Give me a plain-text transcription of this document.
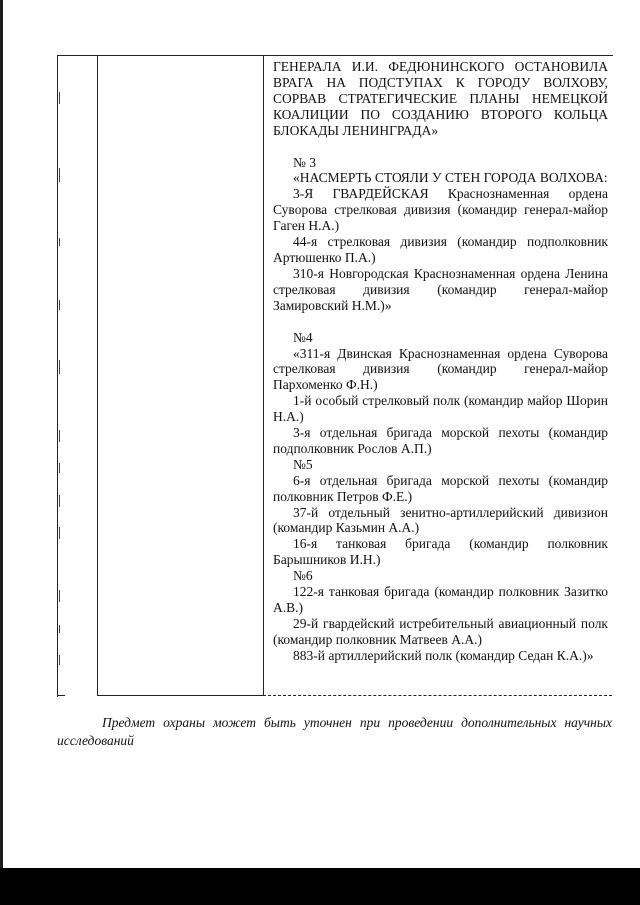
ГЕНЕРАЛА И.И. ФЕДЮНИНСКОГО ОСТАНОВИЛА ВРАГА НА ПОДСТУПАХ К ГОРОДУ ВОЛХОВУ, СОРВАВ СТРАТЕГИЧЕСКИЕ ПЛАНЫ НЕМЕЦКОЙ КОАЛИЦИИ ПО СОЗДАНИЮ ВТОРОГО КОЛЬЦА БЛОКАДЫ ЛЕНИНГРАДА»

№ 3

«НАСМЕРТЬ СТОЯЛИ У СТЕН ГОРОДА ВОЛХОВА:

3-Я ГВАРДЕЙСКАЯ Краснознаменная ордена Суворова стрелковая дивизия (командир генерал-майор Гаген Н.А.)

44-я стрелковая дивизия (командир подполковник Артюшенко П.А.)

310-я Новгородская Краснознаменная ордена Ленина стрелковая дивизия (командир генерал-майор Замировский Н.М.)»

№4

«311-я Двинская Краснознаменная ордена Суворова стрелковая дивизия (командир генерал-майор Пархоменко Ф.Н.)

1-й особый стрелковый полк (командир майор Шорин Н.А.)

3-я отдельная бригада морской пехоты (командир подполковник Рослов А.П.)

№5

6-я отдельная бригада морской пехоты (командир полковник Петров Ф.Е.)

37-й отдельный зенитно-артиллерийский дивизион (командир Казьмин А.А.)

16-я танковая бригада (командир полковник Барышников И.Н.)

№6

122-я танковая бригада (командир полковник Зазитко А.В.)

29-й гвардейский истребительный авиационный полк (командир полковник Матвеев А.А.)

883-й артиллерийский полк (командир Седан К.А.)»

Предмет охраны может быть уточнен при проведении дополнительных научных исследований
